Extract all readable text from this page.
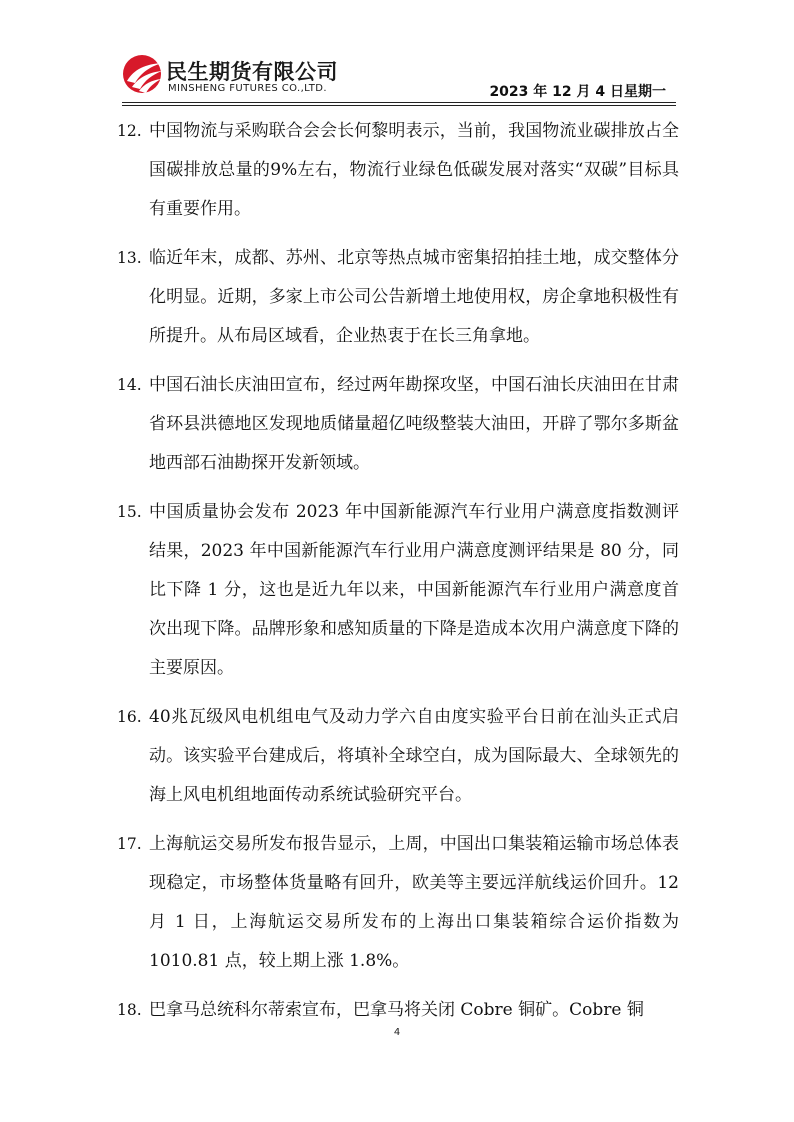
民生期货有限公司
MINSHENG FUTURES CO.,LTD.	2023 年 12 月 4 日星期一
12. 中国物流与采购联合会会长何黎明表示，当前，我国物流业碳排放占全国碳排放总量的9%左右，物流行业绿色低碳发展对落实“双碳”目标具有重要作用。
13. 临近年末，成都、苏州、北京等热点城市密集招拍挂土地，成交整体分化明显。近期，多家上市公司公告新增土地使用权，房企拿地积极性有所提升。从布局区域看，企业热衷于在长三角拿地。
14. 中国石油长庆油田宣布，经过两年勘探攻坚，中国石油长庆油田在甘肃省环县洪德地区发现地质储量超亿吨级整装大油田，开辟了鄂尔多斯盆地西部石油勘探开发新领域。
15. 中国质量协会发布 2023 年中国新能源汽车行业用户满意度指数测评结果，2023 年中国新能源汽车行业用户满意度测评结果是 80 分，同比下降 1 分，这也是近九年以来，中国新能源汽车行业用户满意度首次出现下降。品牌形象和感知质量的下降是造成本次用户满意度下降的主要原因。
16. 40兆瓦级风电机组电气及动力学六自由度实验平台日前在汕头正式启动。该实验平台建成后，将填补全球空白，成为国际最大、全球领先的海上风电机组地面传动系统试验研究平台。
17. 上海航运交易所发布报告显示，上周，中国出口集装箱运输市场总体表现稳定，市场整体货量略有回升，欧美等主要远洋航线运价回升。12 月 1 日，上海航运交易所发布的上海出口集装箱综合运价指数为 1010.81 点，较上期上涨 1.8%。
18. 巴拿马总统科尔蒂索宣布，巴拿马将关闭 Cobre 铜矿。Cobre 铜
4
